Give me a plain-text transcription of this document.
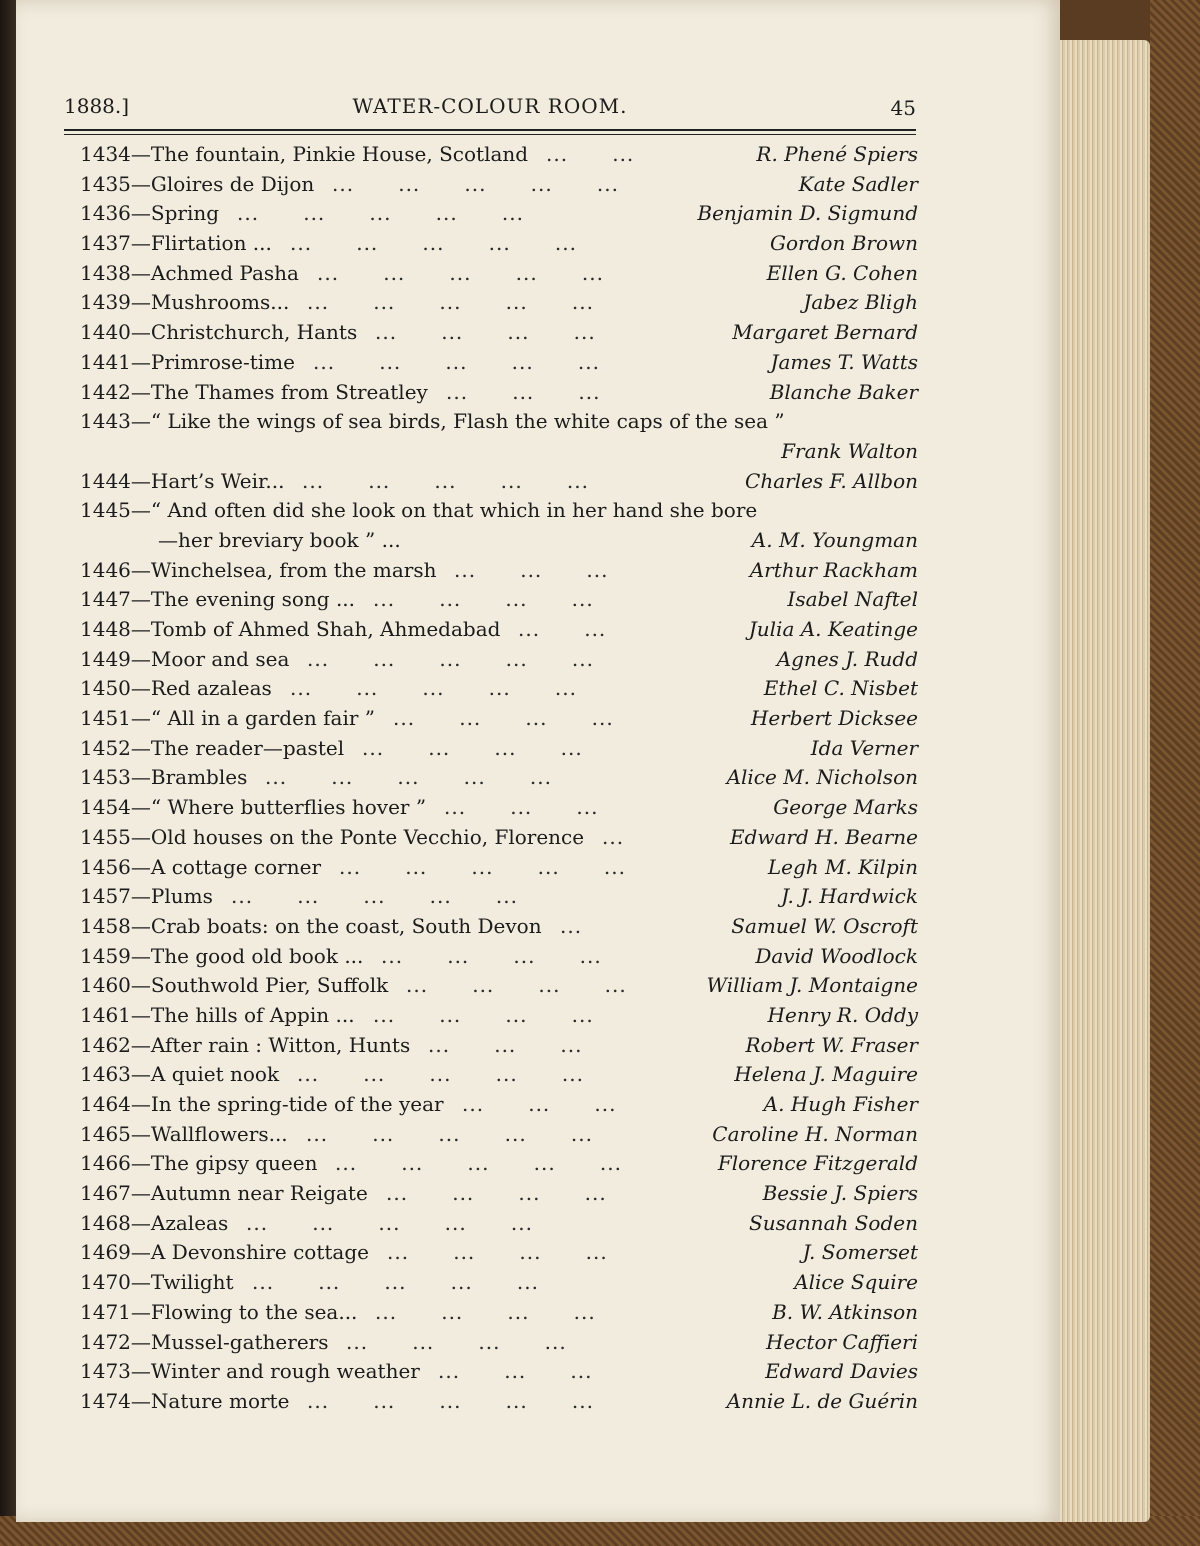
1888.]	WATER-COLOUR ROOM.	45
1434—The fountain, Pinkie House, Scotland	R. Phené Spiers
...      ...
1435—Gloires de Dijon	Kate Sadler
...      ...      ...      ...      ...
1436—Spring	Benjamin D. Sigmund
...      ...      ...      ...      ...
1437—Flirtation ...	Gordon Brown
...      ...      ...      ...      ...
1438—Achmed Pasha	Ellen G. Cohen
...      ...      ...      ...      ...
1439—Mushrooms...	Jabez Bligh
...      ...      ...      ...      ...
1440—Christchurch, Hants	Margaret Bernard
...      ...      ...      ...
1441—Primrose-time	James T. Watts
...      ...      ...      ...      ...
1442—The Thames from Streatley	Blanche Baker
...      ...      ...
1443—“ Like the wings of sea birds, Flash the white caps of the sea ”
Frank Walton
1444—Hart’s Weir...	Charles F. Allbon
...      ...      ...      ...      ...
1445—“ And often did she look on that which in her hand she bore
—her breviary book ” ...	A. M. Youngman
1446—Winchelsea, from the marsh	Arthur Rackham
...      ...      ...
1447—The evening song ...	Isabel Naftel
...      ...      ...      ...
1448—Tomb of Ahmed Shah, Ahmedabad	Julia A. Keatinge
...      ...
1449—Moor and sea	Agnes J. Rudd
...      ...      ...      ...      ...
1450—Red azaleas	Ethel C. Nisbet
...      ...      ...      ...      ...
1451—“ All in a garden fair ”	Herbert Dicksee
...      ...      ...      ...
1452—The reader—pastel	Ida Verner
...      ...      ...      ...
1453—Brambles	Alice M. Nicholson
...      ...      ...      ...      ...
1454—“ Where butterflies hover ”	George Marks
...      ...      ...
1455—Old houses on the Ponte Vecchio, Florence	Edward H. Bearne
...
1456—A cottage corner	Legh M. Kilpin
...      ...      ...      ...      ...
1457—Plums	J. J. Hardwick
...      ...      ...      ...      ...
1458—Crab boats: on the coast, South Devon	Samuel W. Oscroft
...
1459—The good old book ...	David Woodlock
...      ...      ...      ...
1460—Southwold Pier, Suffolk	William J. Montaigne
...      ...      ...      ...
1461—The hills of Appin ...	Henry R. Oddy
...      ...      ...      ...
1462—After rain : Witton, Hunts	Robert W. Fraser
...      ...      ...
1463—A quiet nook	Helena J. Maguire
...      ...      ...      ...      ...
1464—In the spring-tide of the year	A. Hugh Fisher
...      ...      ...
1465—Wallflowers...	Caroline H. Norman
...      ...      ...      ...      ...
1466—The gipsy queen	Florence Fitzgerald
...      ...      ...      ...      ...
1467—Autumn near Reigate	Bessie J. Spiers
...      ...      ...      ...
1468—Azaleas	Susannah Soden
...      ...      ...      ...      ...
1469—A Devonshire cottage	J. Somerset
...      ...      ...      ...
1470—Twilight	Alice Squire
...      ...      ...      ...      ...
1471—Flowing to the sea...	B. W. Atkinson
...      ...      ...      ...
1472—Mussel-gatherers	Hector Caffieri
...      ...      ...      ...
1473—Winter and rough weather	Edward Davies
...      ...      ...
1474—Nature morte	Annie L. de Guérin
...      ...      ...      ...      ...
